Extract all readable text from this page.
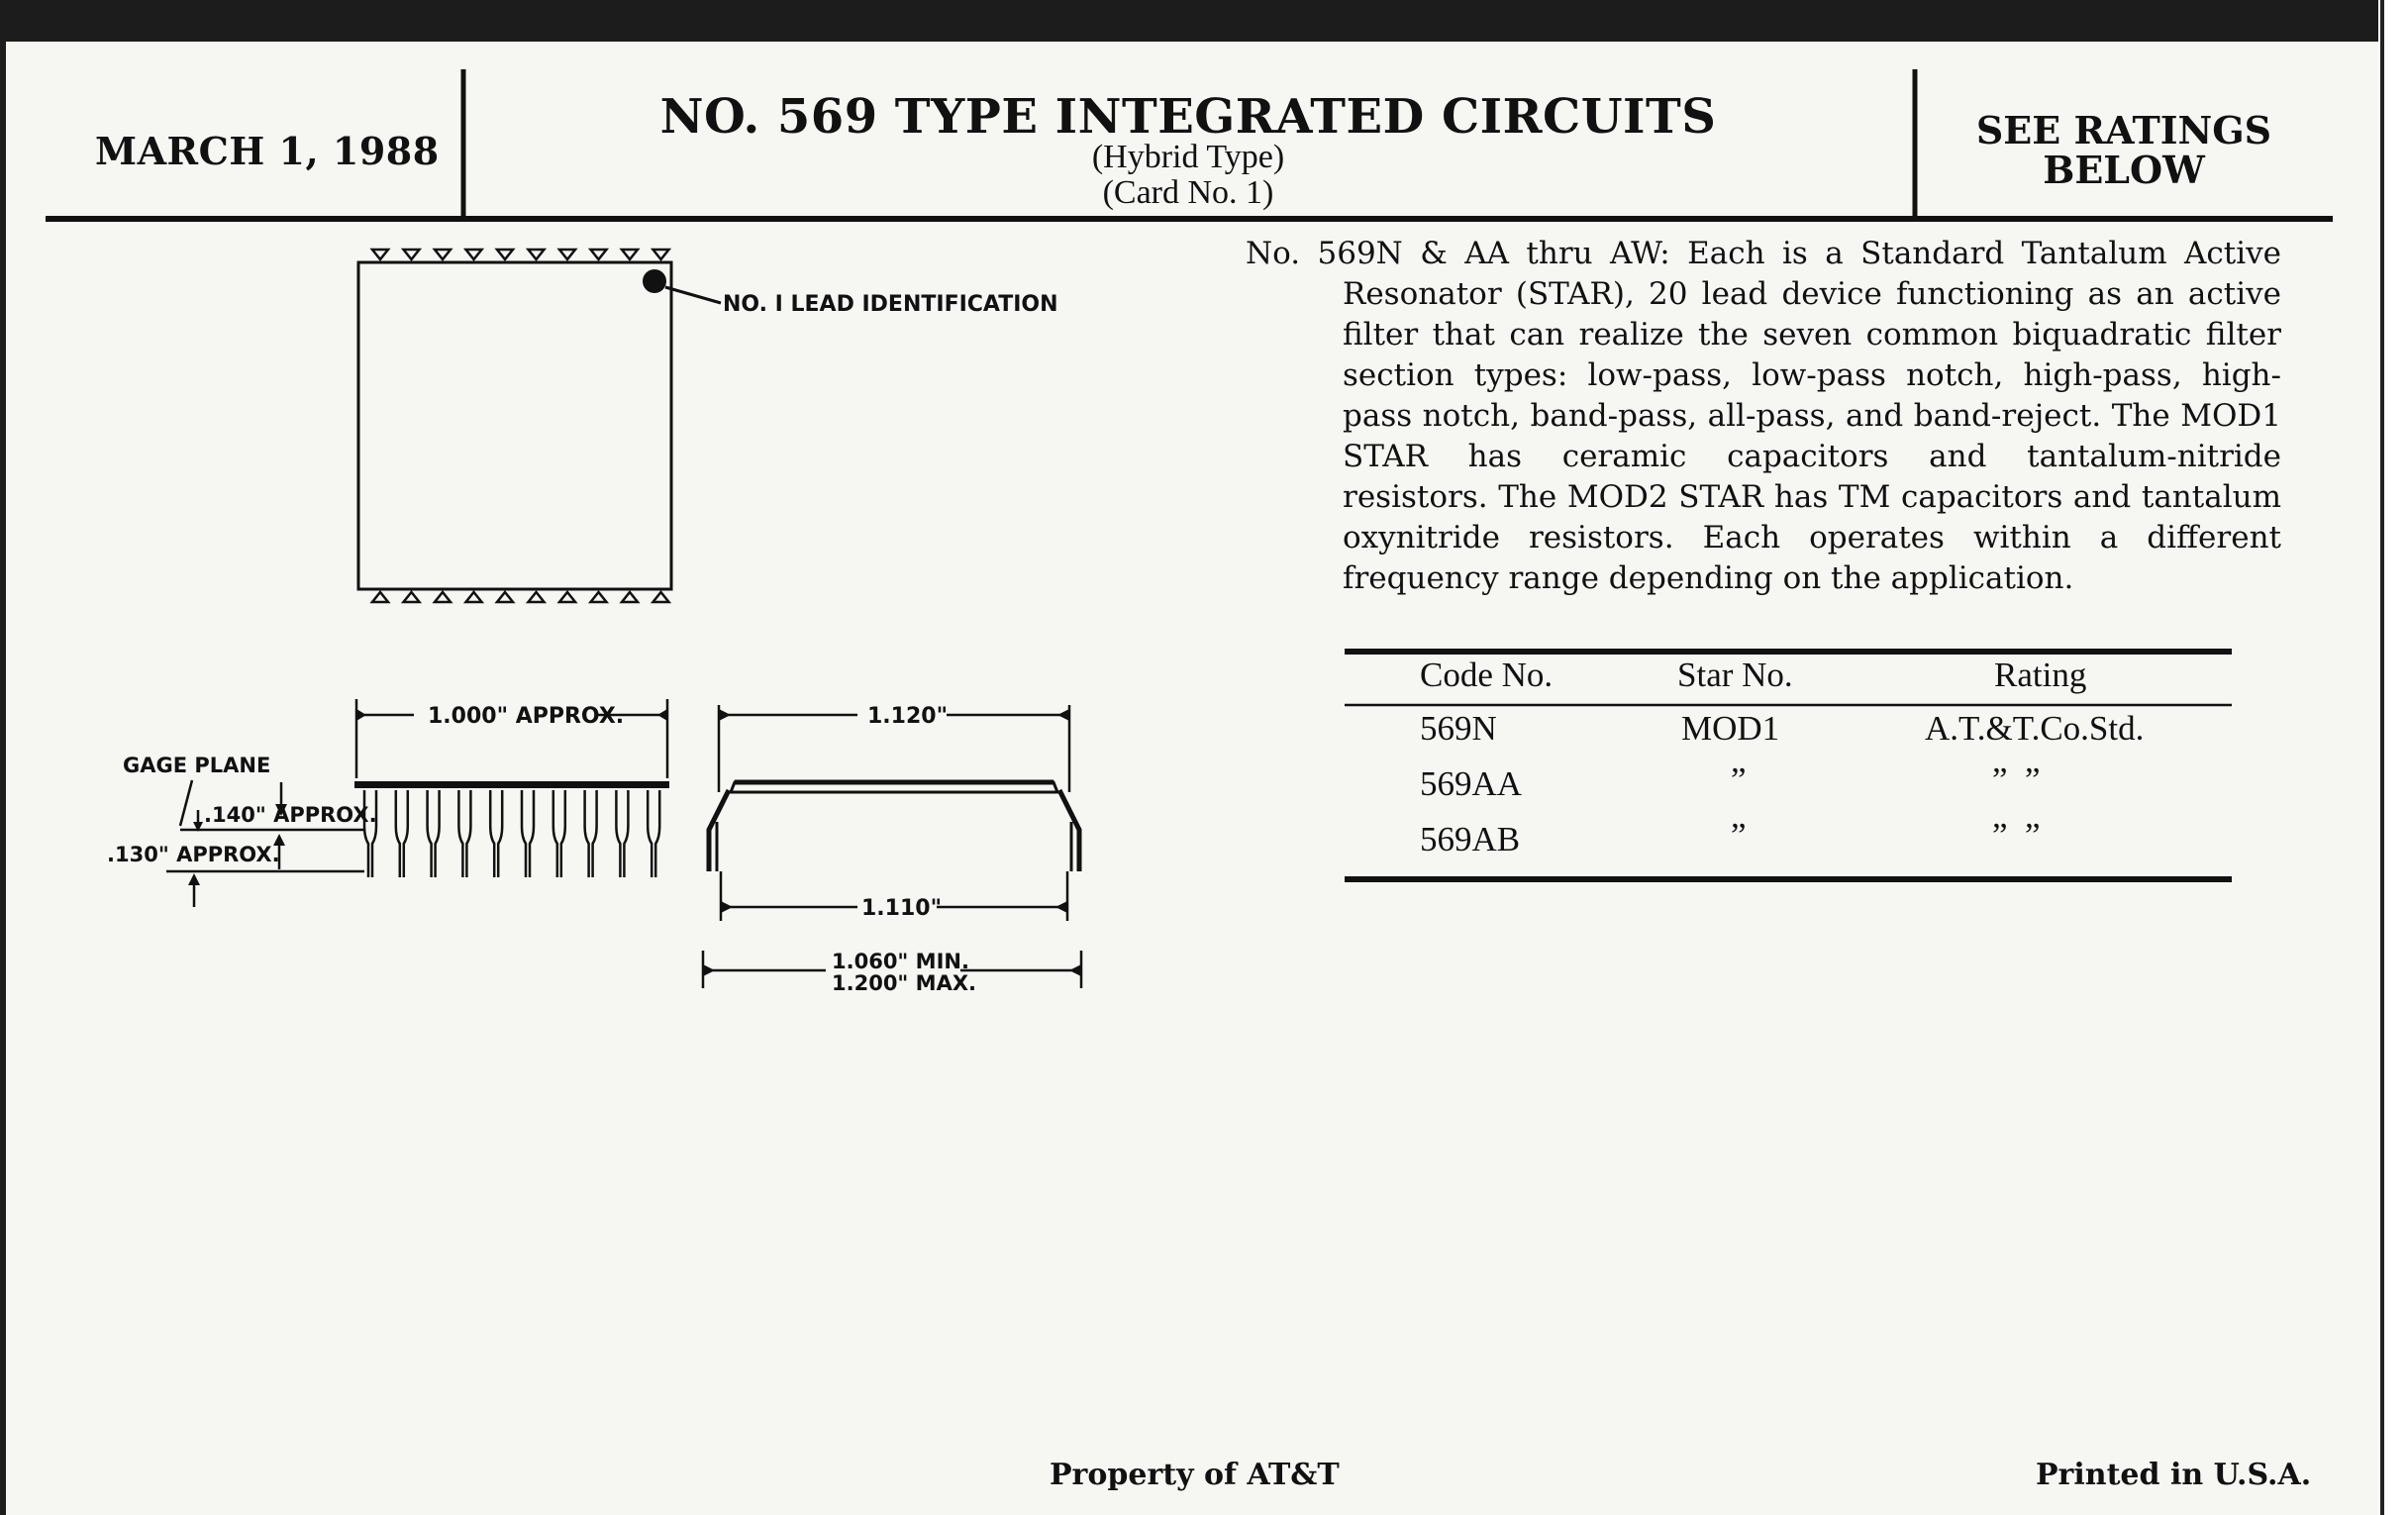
MARCH 1, 1988
NO. 569 TYPE INTEGRATED CIRCUITS
(Hybrid Type)
(Card No. 1)
SEE RATINGS
BELOW
NO. I LEAD IDENTIFICATION
1.000" APPROX.
GAGE PLANE
.140" APPROX.
.130" APPROX.
1.120"
1.110"
1.060" MIN.
1.200" MAX.

No. 569N & AA thru AW: Each is a Standard Tantalum Active Resonator (STAR), 20 lead device functioning as an active filter that can realize the seven common biquadratic filter section types: low-pass, low-pass notch, high-pass, high-pass notch, band-pass, all-pass, and band-reject. The MOD1 STAR has ceramic capacitors and tantalum-nitride resistors. The MOD2 STAR has TM capacitors and tantalum oxynitride resistors. Each operates within a different frequency range depending on the application.

Code No.	Star No.	Rating
569N	MOD1	A.T.&T.Co.Std.
569AA	”	”  ”
569AB	”	”  ”
Property of AT&T	Printed in U.S.A.
